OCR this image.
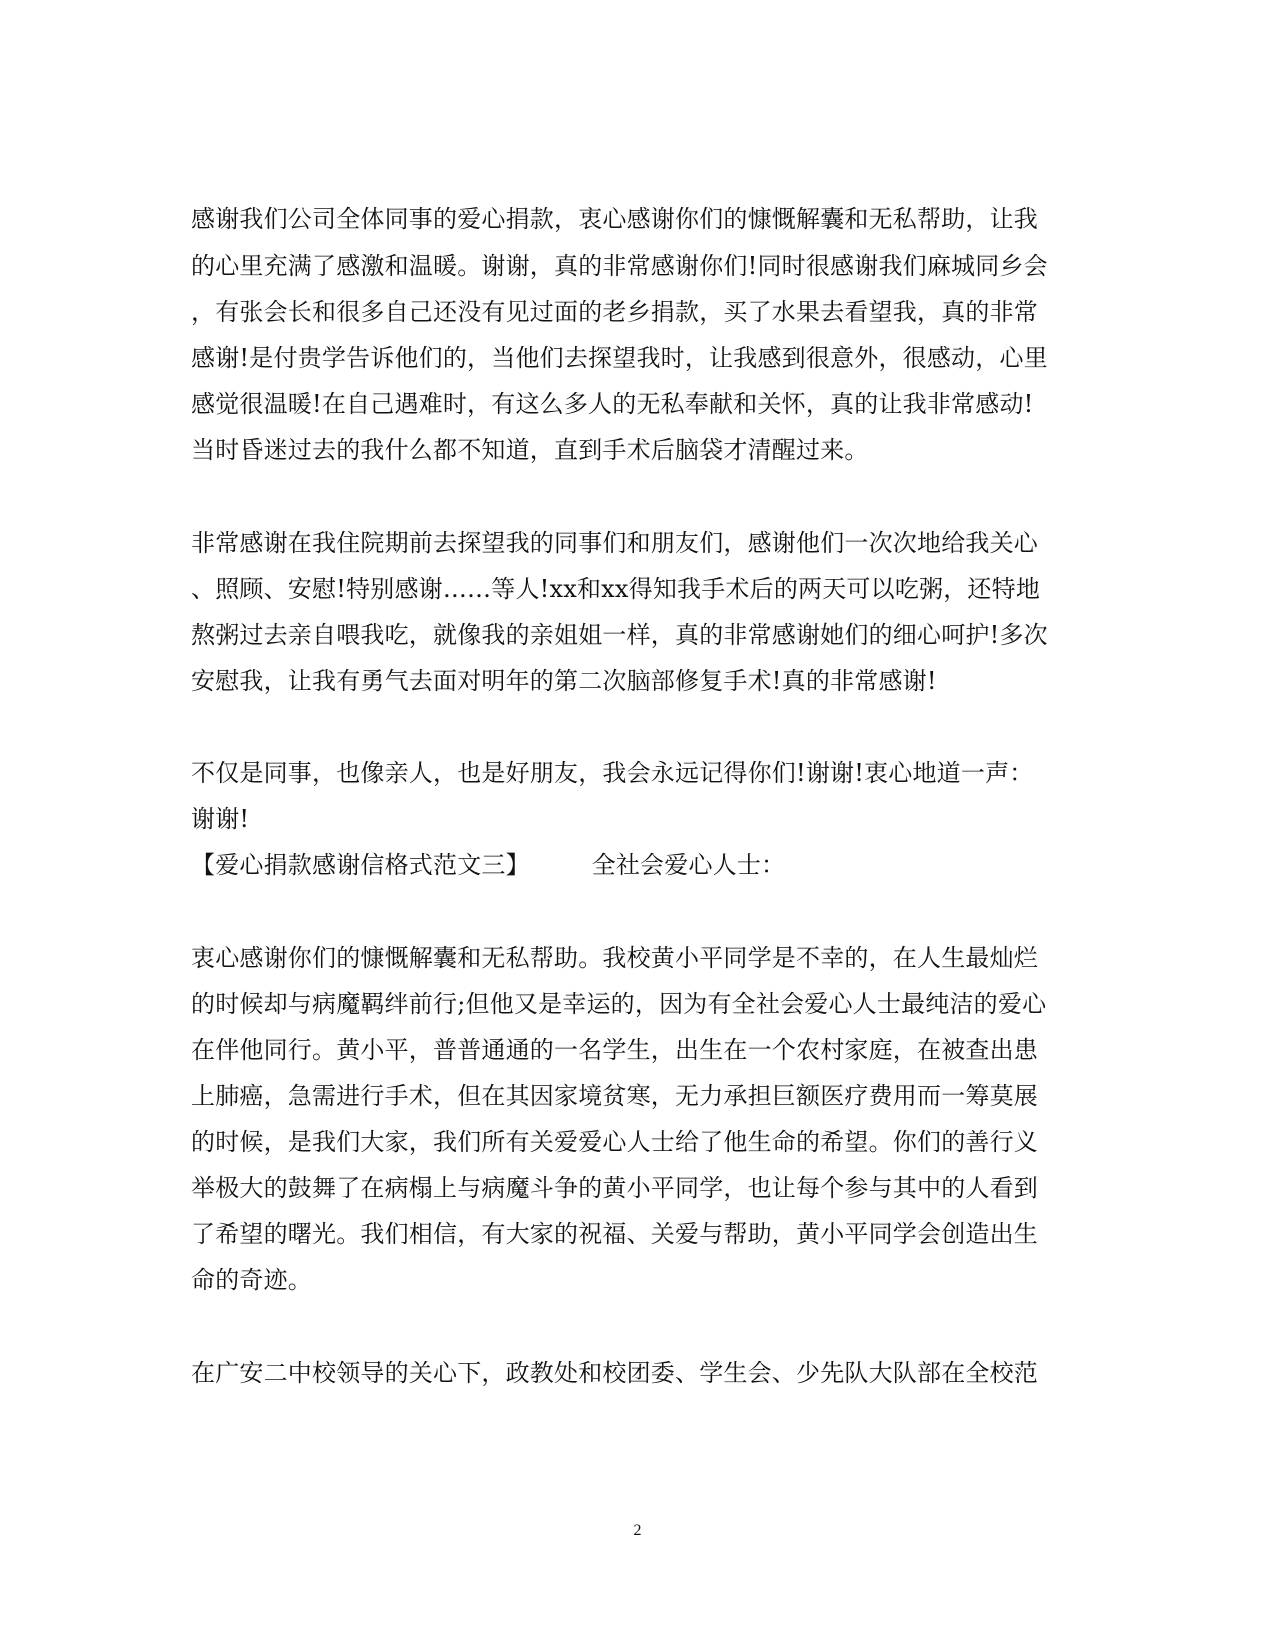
感谢我们公司全体同事的爱心捐款，衷心感谢你们的慷慨解囊和无私帮助，让我
的心里充满了感激和温暖。谢谢，真的非常感谢你们!同时很感谢我们麻城同乡会
，有张会长和很多自己还没有见过面的老乡捐款，买了水果去看望我，真的非常
感谢!是付贵学告诉他们的，当他们去探望我时，让我感到很意外，很感动，心里
感觉很温暖!在自己遇难时，有这么多人的无私奉献和关怀，真的让我非常感动!
当时昏迷过去的我什么都不知道，直到手术后脑袋才清醒过来。
非常感谢在我住院期前去探望我的同事们和朋友们，感谢他们一次次地给我关心
、照顾、安慰!特别感谢……等人!xx和xx得知我手术后的两天可以吃粥，还特地
熬粥过去亲自喂我吃，就像我的亲姐姐一样，真的非常感谢她们的细心呵护!多次
安慰我，让我有勇气去面对明年的第二次脑部修复手术!真的非常感谢!
不仅是同事，也像亲人，也是好朋友，我会永远记得你们!谢谢!衷心地道一声：
谢谢!
【爱心捐款感谢信格式范文三】	全社会爱心人士：
衷心感谢你们的慷慨解囊和无私帮助。我校黄小平同学是不幸的，在人生最灿烂
的时候却与病魔羁绊前行;但他又是幸运的，因为有全社会爱心人士最纯洁的爱心
在伴他同行。黄小平，普普通通的一名学生，出生在一个农村家庭，在被查出患
上肺癌，急需进行手术，但在其因家境贫寒，无力承担巨额医疗费用而一筹莫展
的时候，是我们大家，我们所有关爱爱心人士给了他生命的希望。你们的善行义
举极大的鼓舞了在病榻上与病魔斗争的黄小平同学，也让每个参与其中的人看到
了希望的曙光。我们相信，有大家的祝福、关爱与帮助，黄小平同学会创造出生
命的奇迹。
在广安二中校领导的关心下，政教处和校团委、学生会、少先队大队部在全校范
2
